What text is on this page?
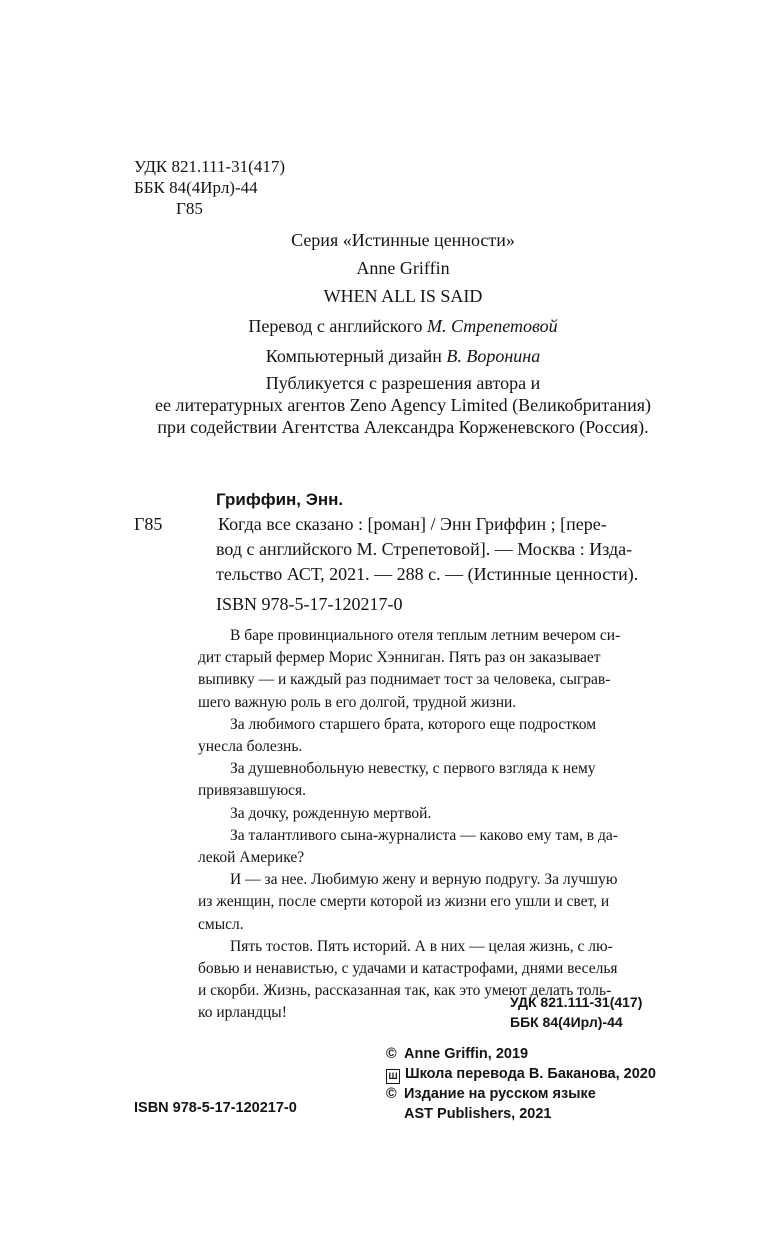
УДК 821.111-31(417)
ББК 84(4Ирл)-44
Г85

Серия «Истинные ценности»

Anne Griffin

WHEN ALL IS SAID

Перевод с английского М. Стрепетовой

Компьютерный дизайн В. Воронина

Публикуется с разрешения автора и

ее литературных агентов Zeno Agency Limited (Великобритания)

при содействии Агентства Александра Корженевского (Россия).

Гриффин, Энн.
Г85	Когда все сказано : [роман] / Энн Гриффин ; [пере-
вод с английского М. Стрепетовой]. — Москва : Изда-
тельство АСТ, 2021. — 288 с. — (Истинные ценности).
ISBN 978-5-17-120217-0

В баре провинциального отеля теплым летним вечером си-

дит старый фермер Морис Хэнниган. Пять раз он заказывает

выпивку — и каждый раз поднимает тост за человека, сыграв-

шего важную роль в его долгой, трудной жизни.

За любимого старшего брата, которого еще подростком

унесла болезнь.

За душевнобольную невестку, с первого взгляда к нему

привязавшуюся.

За дочку, рожденную мертвой.

За талантливого сына-журналиста — каково ему там, в да-

лекой Америке?

И — за нее. Любимую жену и верную подругу. За лучшую

из женщин, после смерти которой из жизни его ушли и свет, и

смысл.

Пять тостов. Пять историй. А в них — целая жизнь, с лю-

бовью и ненавистью, с удачами и катастрофами, днями веселья

и скорби. Жизнь, рассказанная так, как это умеют делать толь-

ко ирландцы!

УДК 821.111-31(417)
ББК 84(4Ирл)-44
© Anne Griffin, 2019
Ш Школа перевода В. Баканова, 2020
© Издание на русском языке
AST Publishers, 2021
ISBN 978-5-17-120217-0
